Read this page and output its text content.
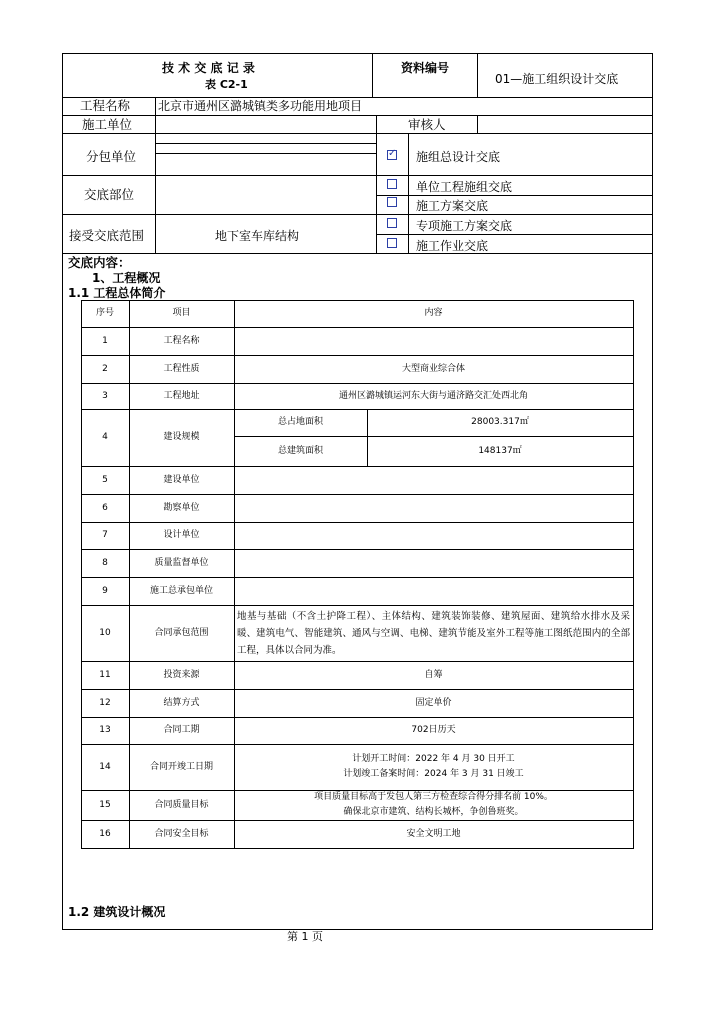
技 术 交 底 记 录
表 C2-1
资料编号
01—施工组织设计交底
工程名称 北京市通州区潞城镇类多功能用地项目
施工单位	审核人
分包单位
交底部位
接受交底范围	地下室车库结构
✓ 施组总设计交底
单位工程施组交底
施工方案交底
专项施工方案交底
施工作业交底
交底内容：
1、工程概况
1.1 工程总体简介
1.2 建筑设计概况
序号	项目	内容
1	工程名称
2	工程性质	大型商业综合体
3	工程地址	通州区潞城镇运河东大街与通济路交汇处西北角
4	建设规模
总占地面积	28003.317㎡
总建筑面积	148137㎡
5	建设单位
6	勘察单位
7	设计单位
8	质量监督单位
9	施工总承包单位
10	合同承包范围
地基与基础（不含土护降工程）、主体结构、建筑装饰装修、建筑屋面、建筑给水排水及采暖、建筑电气、智能建筑、通风与空调、电梯、建筑节能及室外工程等施工图纸范围内的全部工程，具体以合同为准。
11	投资来源	自筹
12	结算方式	固定单价
13	合同工期	702日历天
14	合同开竣工日期
计划开工时间：2022 年 4 月 30 日开工
计划竣工备案时间：2024 年 3 月 31 日竣工
15	合同质量目标
项目质量目标高于发包人第三方检查综合得分排名前 10%。
确保北京市建筑、结构长城杯，争创鲁班奖。
16	合同安全目标	安全文明工地
第 1 页
